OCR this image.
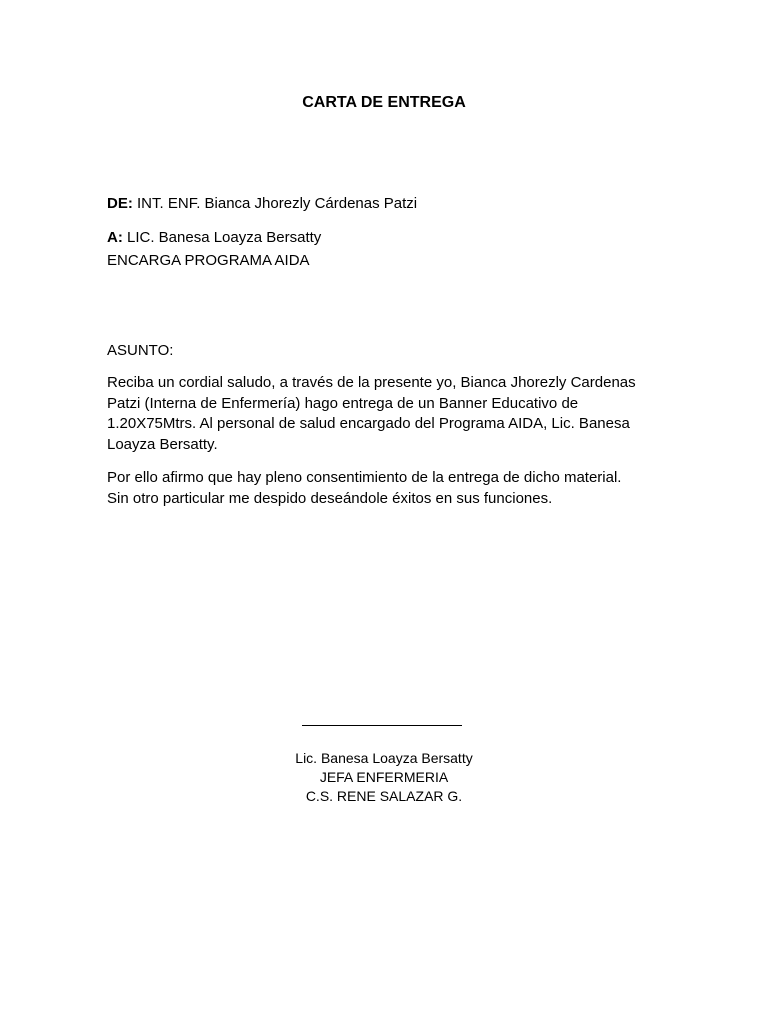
CARTA DE ENTREGA
DE: INT. ENF. Bianca Jhorezly Cárdenas Patzi
A: LIC. Banesa Loayza Bersatty
ENCARGA PROGRAMA AIDA
ASUNTO:
Reciba un cordial saludo, a través de la presente yo, Bianca Jhorezly Cardenas
Patzi (Interna de Enfermería) hago entrega de un Banner Educativo de
1.20X75Mtrs. Al personal de salud encargado del Programa AIDA, Lic. Banesa
Loayza Bersatty.
Por ello afirmo que hay pleno consentimiento de la entrega de dicho material.
Sin otro particular me despido deseándole éxitos en sus funciones.
Lic. Banesa Loayza Bersatty
JEFA ENFERMERIA
C.S. RENE SALAZAR G.
